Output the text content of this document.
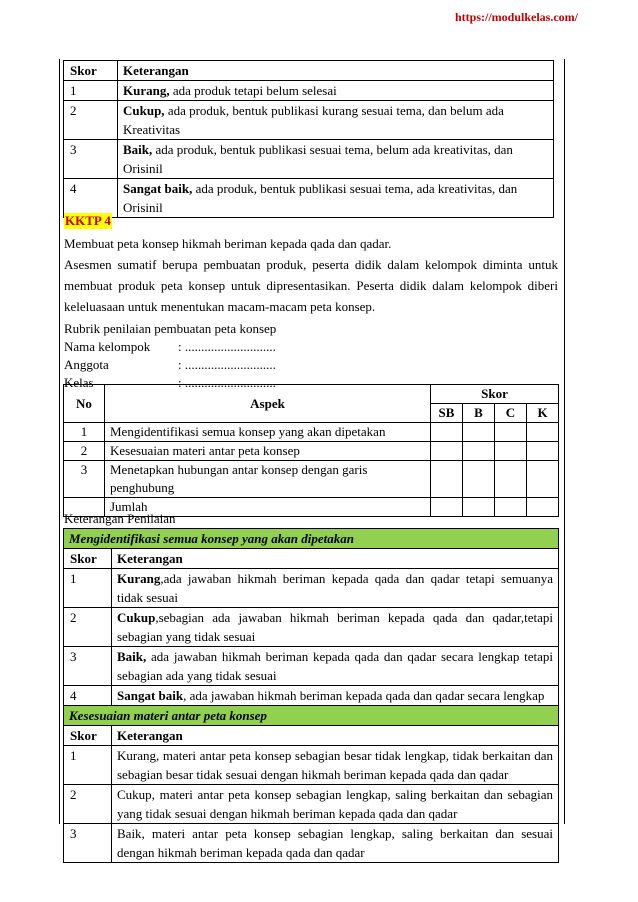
https://modulkelas.com/
Skor	Keterangan
1	Kurang, ada produk tetapi belum selesai
2	Cukup, ada produk, bentuk publikasi kurang sesuai tema, dan belum ada Kreativitas
3	Baik, ada produk, bentuk publikasi sesuai tema, belum ada kreativitas, dan Orisinil
4	Sangat baik, ada produk, bentuk publikasi sesuai tema, ada kreativitas, dan Orisinil
KKTP 4
Membuat peta konsep hikmah beriman kepada qada dan qadar.
Asesmen sumatif berupa pembuatan produk, peserta didik dalam kelompok diminta untuk membuat produk peta konsep untuk dipresentasikan. Peserta didik dalam kelompok diberi keleluasaan untuk menentukan macam-macam peta konsep.
Rubrik penilaian pembuatan peta konsep
Nama kelompok : ............................
Anggota	: ............................
Kelas	: ............................
No	Aspek	Skor			
		SB	B	C	K
1	Mengidentifikasi semua konsep yang akan dipetakan				
2	Kesesuaian materi antar peta konsep				
3	Menetapkan hubungan antar konsep dengan garis penghubung				
	Jumlah				
Keterangan Penilaian
Mengidentifikasi semua konsep yang akan dipetakan	
Skor	Keterangan
1	Kurang,ada jawaban hikmah beriman kepada qada dan qadar tetapi semuanya tidak sesuai
2	Cukup,sebagian ada jawaban hikmah beriman kepada qada dan qadar,tetapi sebagian yang tidak sesuai
3	Baik, ada jawaban hikmah beriman kepada qada dan qadar secara lengkap tetapi sebagian ada yang tidak sesuai
4	Sangat baik, ada jawaban hikmah beriman kepada qada dan qadar secara lengkap
Kesesuaian materi antar peta konsep	
Skor	Keterangan
1	Kurang, materi antar peta konsep sebagian besar tidak lengkap, tidak berkaitan dan sebagian besar tidak sesuai dengan hikmah beriman kepada qada dan qadar
2	Cukup, materi antar peta konsep sebagian lengkap, saling berkaitan dan sebagian yang tidak sesuai dengan hikmah beriman kepada qada dan qadar
3	Baik, materi antar peta konsep sebagian lengkap, saling berkaitan dan sesuai dengan hikmah beriman kepada qada dan qadar
